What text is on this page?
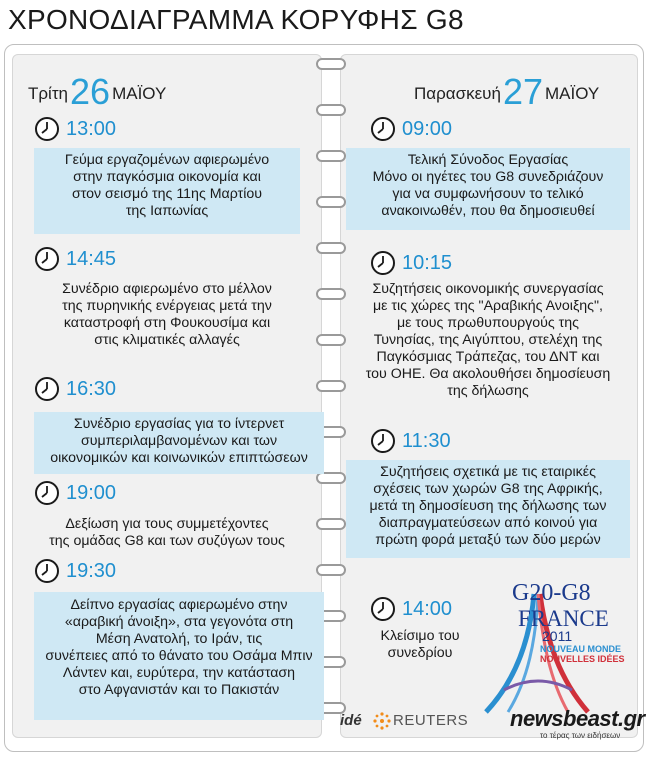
ΧΡΟΝΟΔΙΑΓΡΑΜΜΑ ΚΟΡΥΦΗΣ G8
Τρίτη26 ΜΑΪΟΥ	Παρασκευή27 ΜΑΪΟΥ
13:00
Γεύμα εργαζομένων αφιερωμένο
στην παγκόσμια οικονομία και
στον σεισμό της 11ης Μαρτίου
της Ιαπωνίας
14:45
Συνέδριο αφιερωμένο στο μέλλον
της πυρηνικής ενέργειας μετά την
καταστροφή στη Φουκουσίμα και
στις κλιματικές αλλαγές
16:30
Συνέδριο εργασίας για το ίντερνετ
συμπεριλαμβανομένων και των
οικονομικών και κοινωνικών επιπτώσεων
19:00
Δεξίωση για τους συμμετέχοντες
της ομάδας G8 και των συζύγων τους
19:30
Δείπνο εργασίας αφιερωμένο στην
«αραβική άνοιξη», στα γεγονότα στη
Μέση Ανατολή, το Ιράν, τις
συνέπειες από το θάνατο του Οσάμα Μπιν
Λάντεν και, ευρύτερα, την κατάσταση
στο Αφγανιστάν και το Πακιστάν
09:00
Τελική Σύνοδος Εργασίας
Μόνο οι ηγέτες του G8 συνεδριάζουν
για να συμφωνήσουν το τελικό
ανακοινωθέν, που θα δημοσιευθεί
10:15
Συζητήσεις οικονομικής συνεργασίας
με τις χώρες της "Αραβικής Ανοιξης",
με τους πρωθυπουργούς της
Τυνησίας, της Αιγύπτου, στελέχη της
Παγκόσμιας Τράπεζας, του ΔΝΤ και
του ΟΗΕ. Θα ακολουθήσει δημοσίευση
της δήλωσης
11:30
Συζητήσεις σχετικά με τις εταιρικές
σχέσεις των χωρών G8 της Αφρικής,
μετά τη δημοσίευση της δήλωσης των
διαπραγματεύσεων από κοινού για
πρώτη φορά μεταξύ των δύο μερών
14:00
Κλείσιμο του
συνεδρίου
G20-G8
FRANCE
2011
NOUVEAU MONDE
NOUVELLES IDÉES
idé REUTERS newsbeast.gr
το τέρας των ειδήσεων
